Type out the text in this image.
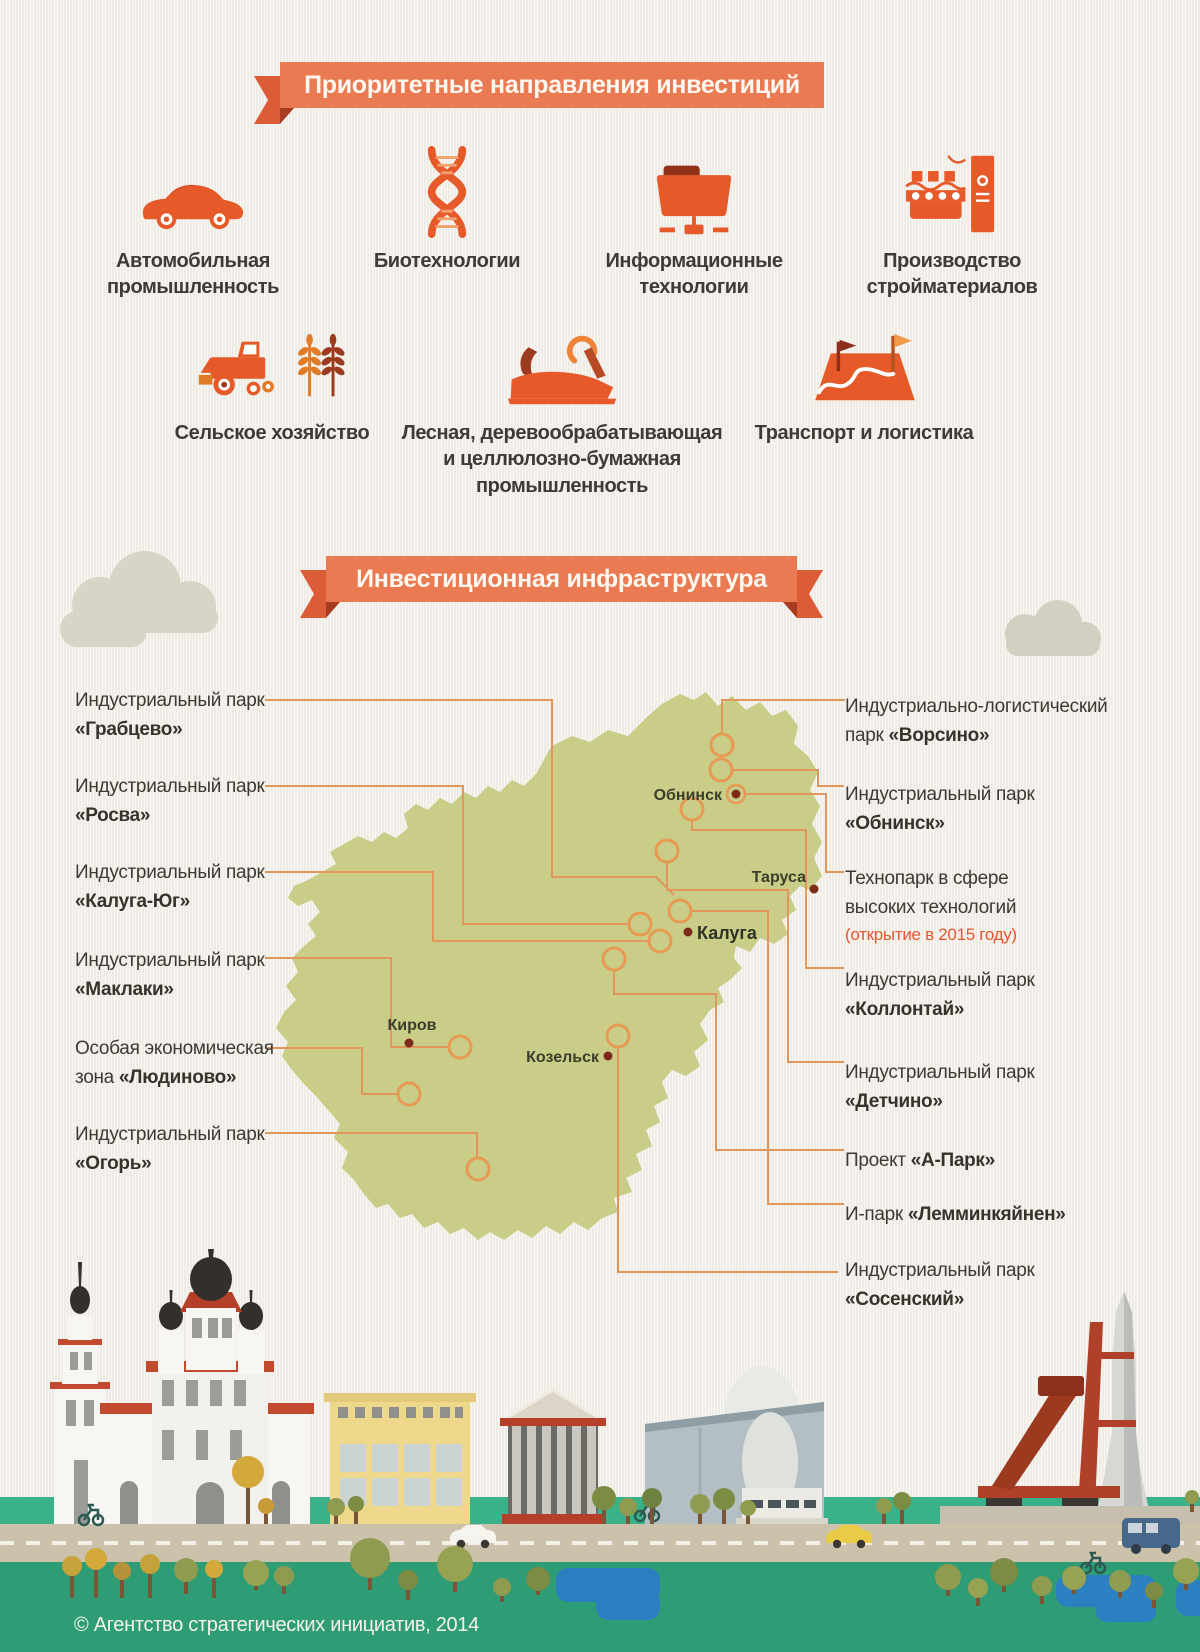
Приоритетные направления инвестиций
Автомобильная промышленность
Биотехнологии	Информационные технологии
Производство стройматериалов
Сельское хозяйство	Лесная, деревообрабатывающая и целлюлозно-бумажная промышленность
Транспорт и логистика
Инвестиционная инфраструктура
Обнинск
Таруса
Калуга
Киров
Козельск
Индустриальный парк
«Грабцево»
Индустриальный парк
«Росва»
Индустриальный парк
«Калуга-Юг»
Индустриальный парк
«Маклаки»
Особая экономическая
зона «Людиново»
Индустриальный парк
«Огорь»
Индустриально-логистический
парк «Ворсино»
Индустриальный парк
«Обнинск»
Технопарк в сфере
высоких технологий
(открытие в 2015 году)
Индустриальный парк
«Коллонтай»
Индустриальный парк
«Детчино»
Проект «А-Парк»
И-парк «Лемминкяйнен»
Индустриальный парк
«Сосенский»
© Агентство стратегических инициатив, 2014
